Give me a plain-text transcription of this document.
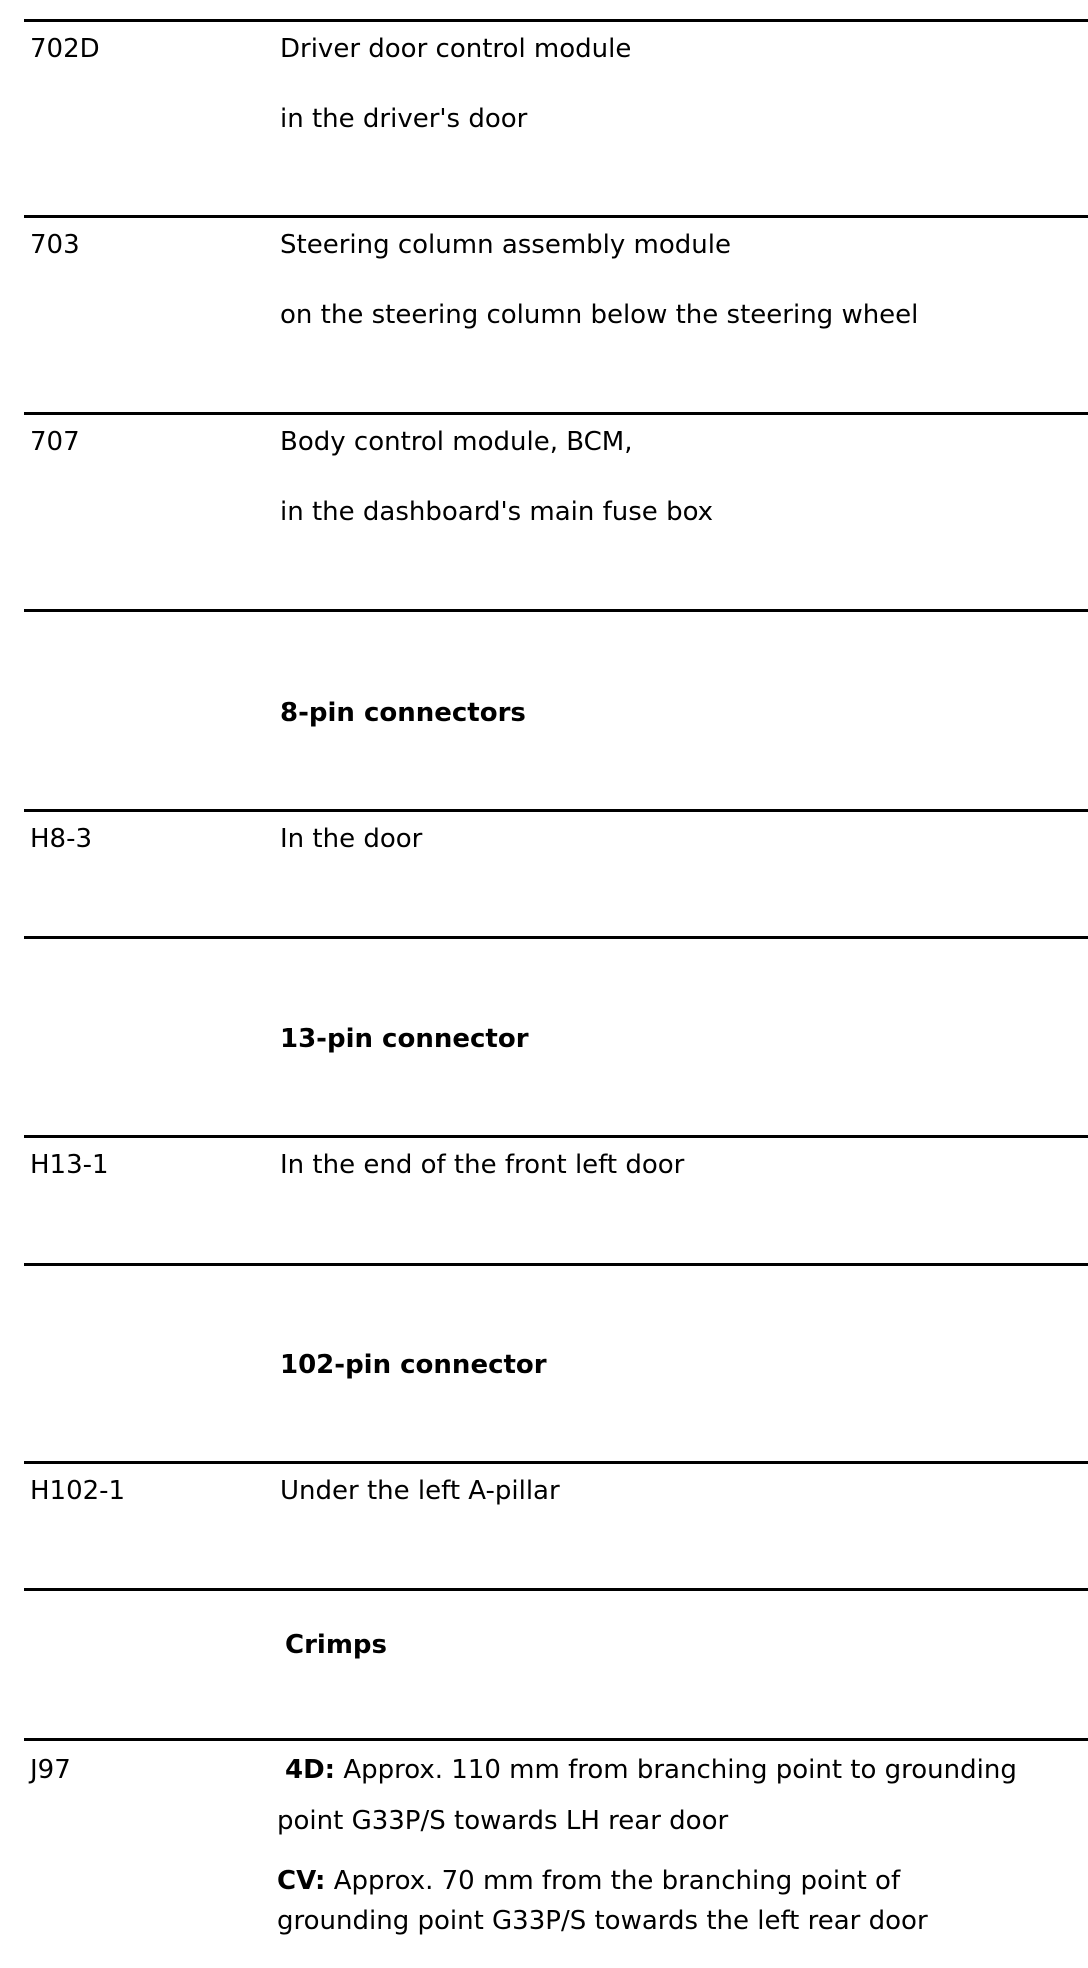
702D	Driver door control module
in the driver's door
703	Steering column assembly module
on the steering column below the steering wheel
707	Body control module, BCM,
in the dashboard's main fuse box
8-pin connectors
H8-3	In the door
13-pin connector
H13-1	In the end of the front left door
102-pin connector
H102-1	Under the left A-pillar
Crimps
J97	4D: Approx. 110 mm from branching point to grounding
point G33P/S towards LH rear door
CV: Approx. 70 mm from the branching point of
grounding point G33P/S towards the left rear door
